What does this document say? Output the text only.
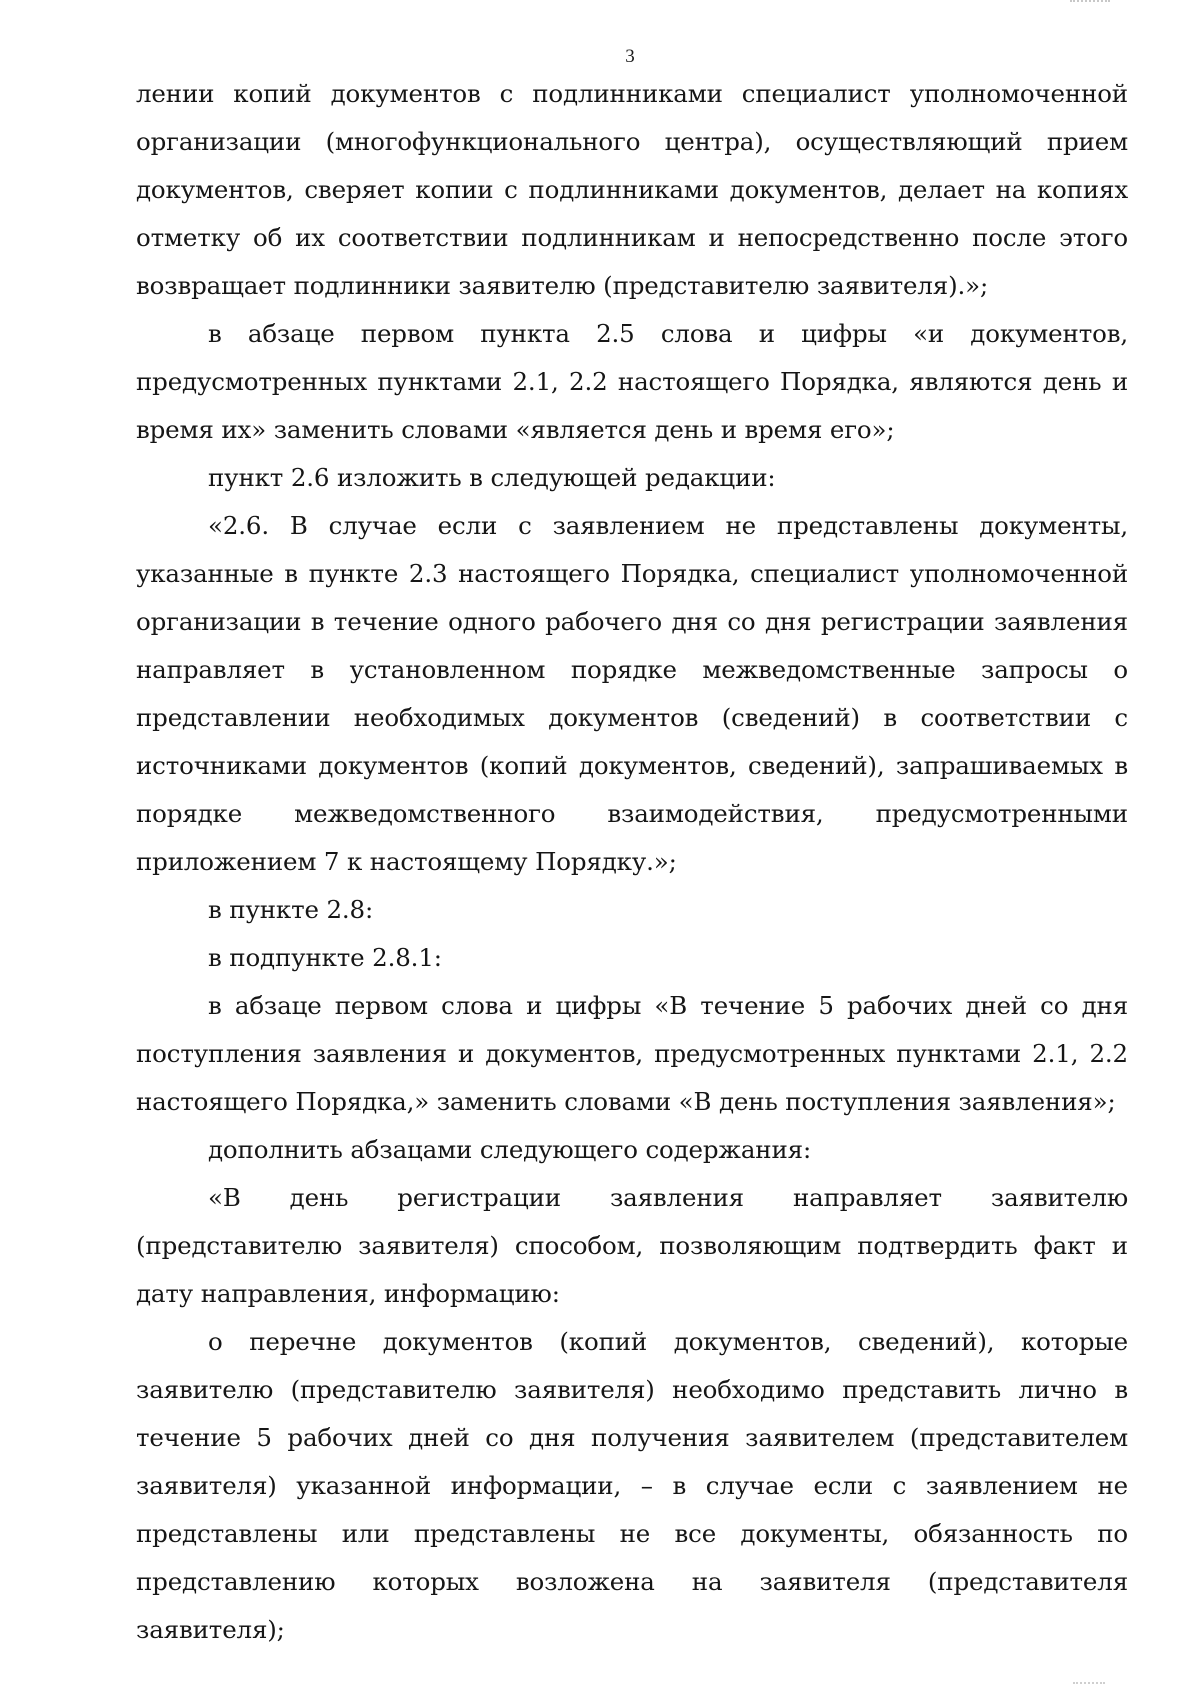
3

лении копий документов с подлинниками специалист уполномоченной организации (многофункционального центра), осуществляющий прием документов, сверяет копии с подлинниками документов, делает на копиях отметку об их соответствии подлинникам и непосредственно после этого возвращает подлинники заявителю (представителю заявителя).»;

в абзаце первом пункта 2.5 слова и цифры «и документов, предусмотренных пунктами 2.1, 2.2 настоящего Порядка, являются день и время их» заменить словами «является день и время его»;

пункт 2.6 изложить в следующей редакции:

«2.6. В случае если с заявлением не представлены документы, указанные в пункте 2.3 настоящего Порядка, специалист уполномоченной организации в течение одного рабочего дня со дня регистрации заявления направляет в установленном порядке межведомственные запросы о представлении необходимых документов (сведений) в соответствии с источниками документов (копий документов, сведений), запрашиваемых в порядке межведомственного взаимодействия, предусмотренными приложением 7 к настоящему Порядку.»;

в пункте 2.8:

в подпункте 2.8.1:

в абзаце первом слова и цифры «В течение 5 рабочих дней со дня поступления заявления и документов, предусмотренных пунктами 2.1, 2.2 настоящего Порядка,» заменить словами «В день поступления заявления»;

дополнить абзацами следующего содержания:

«В день регистрации заявления направляет заявителю (представителю заявителя) способом, позволяющим подтвердить факт и дату направления, информацию:

о перечне документов (копий документов, сведений), которые заявителю (представителю заявителя) необходимо представить лично в течение 5 рабочих дней со дня получения заявителем (представителем заявителя) указанной информации, – в случае если с заявлением не представлены или представлены не все документы, обязанность по представлению которых возложена на заявителя (представителя заявителя);
